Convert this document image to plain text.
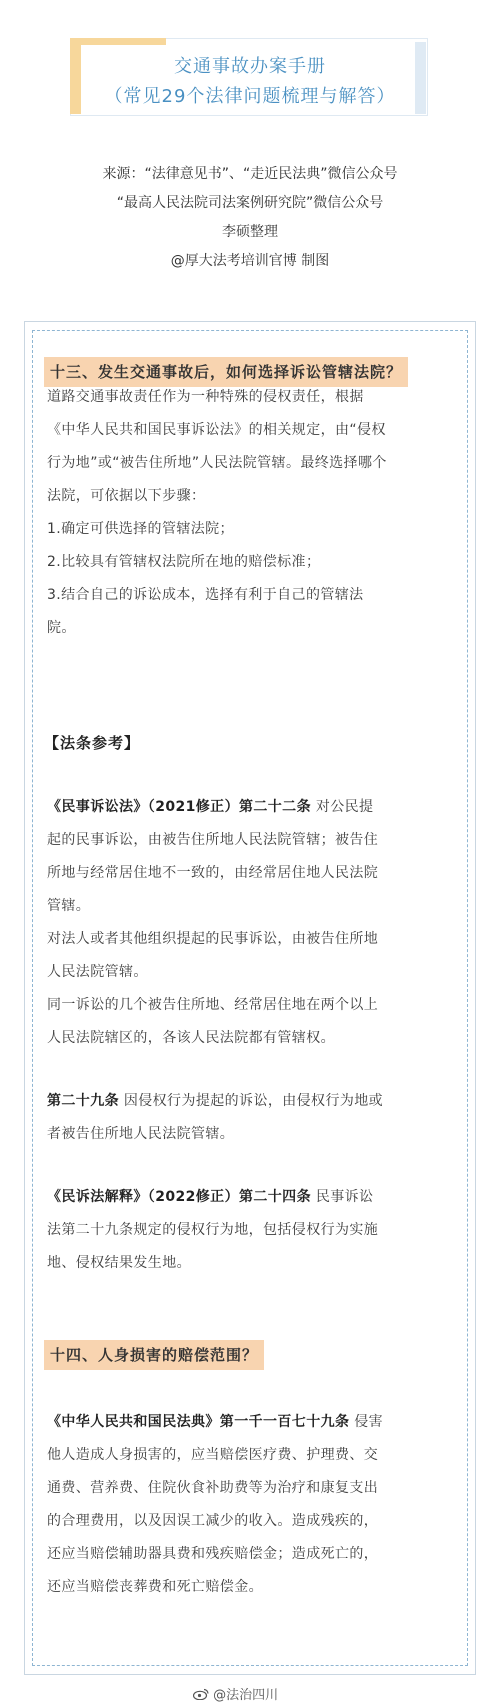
交通事故办案手册
（常见29个法律问题梳理与解答）
来源：“法律意见书”、“走近民法典”微信公众号
“最高人民法院司法案例研究院”微信公众号
李硕整理
@厚大法考培训官博 制图
十三、发生交通事故后，如何选择诉讼管辖法院？
道路交通事故责任作为一种特殊的侵权责任，根据
《中华人民共和国民事诉讼法》的相关规定，由“侵权
行为地”或“被告住所地”人民法院管辖。最终选择哪个
法院，可依据以下步骤：
1.确定可供选择的管辖法院；
2.比较具有管辖权法院所在地的赔偿标准；
3.结合自己的诉讼成本，选择有利于自己的管辖法
院。
【法条参考】
《民事诉讼法》（2021修正）第二十二条 对公民提
起的民事诉讼，由被告住所地人民法院管辖；被告住
所地与经常居住地不一致的，由经常居住地人民法院
管辖。
对法人或者其他组织提起的民事诉讼，由被告住所地
人民法院管辖。
同一诉讼的几个被告住所地、经常居住地在两个以上
人民法院辖区的，各该人民法院都有管辖权。
第二十九条 因侵权行为提起的诉讼，由侵权行为地或
者被告住所地人民法院管辖。
《民诉法解释》（2022修正）第二十四条 民事诉讼
法第二十九条规定的侵权行为地，包括侵权行为实施
地、侵权结果发生地。
十四、人身损害的赔偿范围？
《中华人民共和国民法典》第一千一百七十九条 侵害
他人造成人身损害的，应当赔偿医疗费、护理费、交
通费、营养费、住院伙食补助费等为治疗和康复支出
的合理费用，以及因误工减少的收入。造成残疾的，
还应当赔偿辅助器具费和残疾赔偿金；造成死亡的，
还应当赔偿丧葬费和死亡赔偿金。
@法治四川
